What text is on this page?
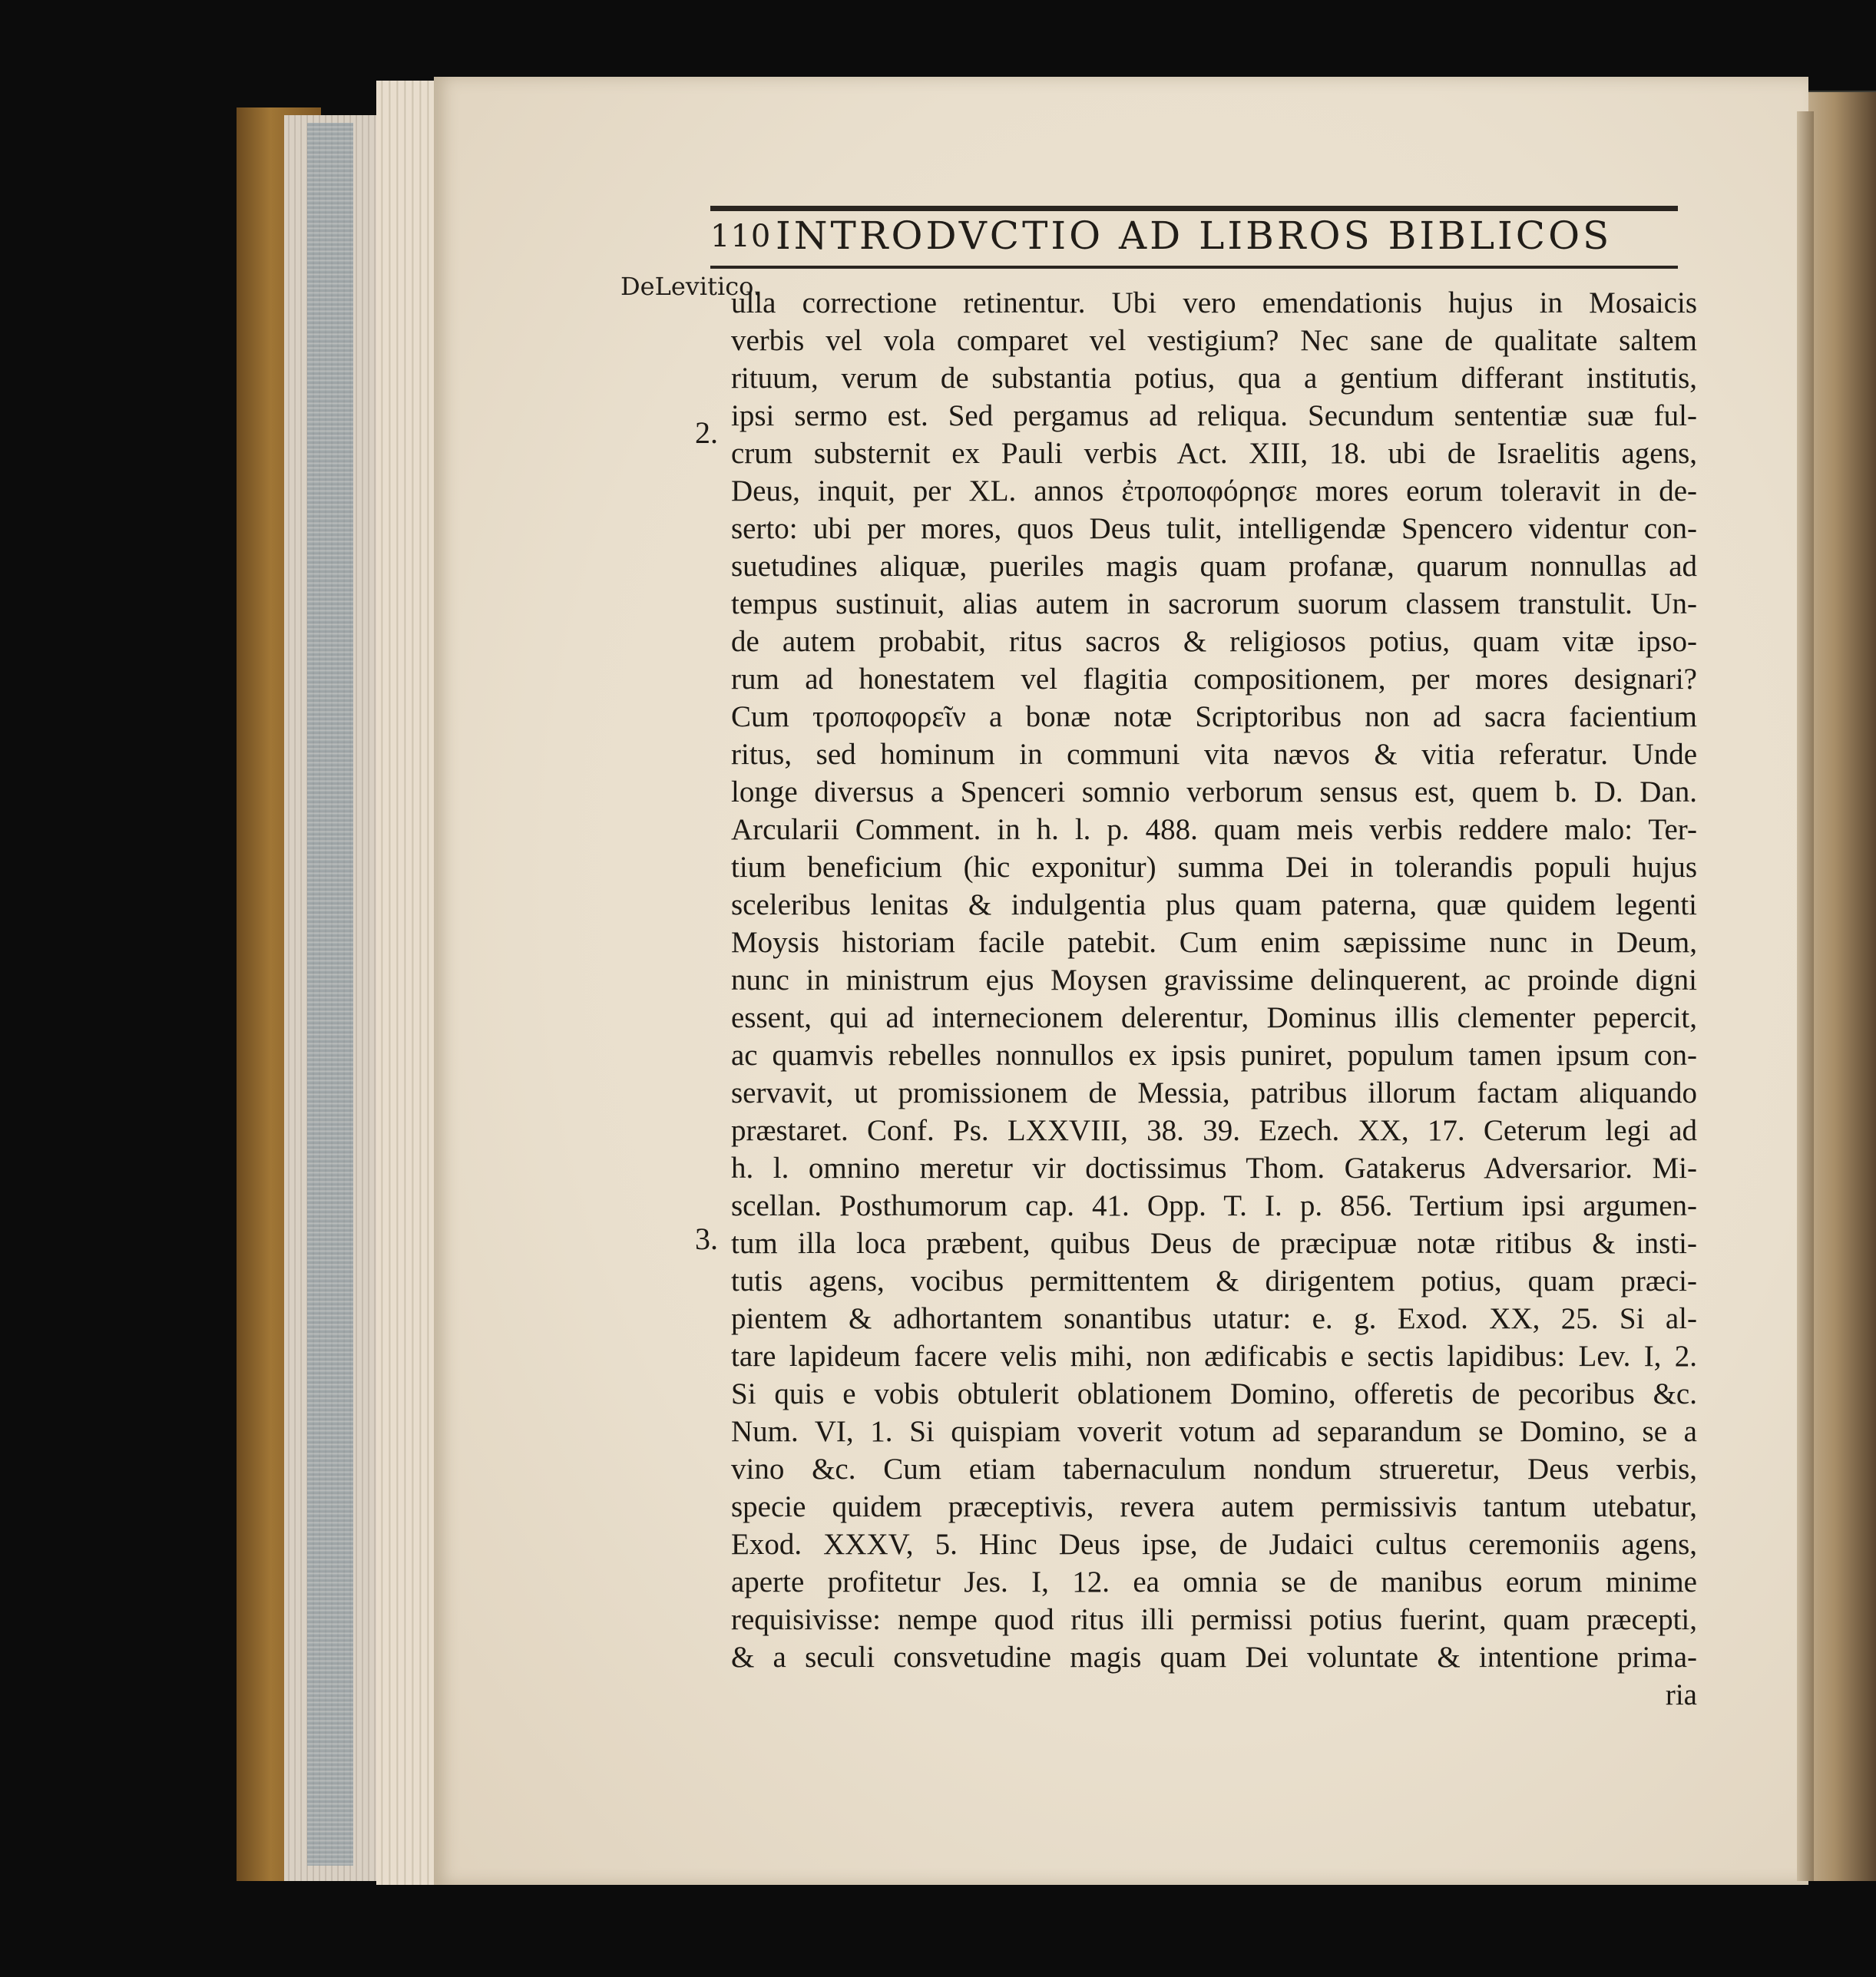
110 INTRODVCTIO AD LIBROS BIBLICOS
DeLevitico.
2.
3.
ulla correctione retinentur. Ubi vero emendationis hujus in Mosaicis
verbis vel vola comparet vel vestigium? Nec sane de qualitate saltem
rituum, verum de substantia potius, qua a gentium differant institutis,
ipsi sermo est. Sed pergamus ad reliqua. Secundum sententiæ suæ ful-
crum substernit ex Pauli verbis Act. XIII, 18. ubi de Israelitis agens,
Deus, inquit, per XL. annos ἐτροποφόρησε mores eorum toleravit in de-
serto: ubi per mores, quos Deus tulit, intelligendæ Spencero videntur con-
suetudines aliquæ, pueriles magis quam profanæ, quarum nonnullas ad
tempus sustinuit, alias autem in sacrorum suorum classem transtulit. Un-
de autem probabit, ritus sacros & religiosos potius, quam vitæ ipso-
rum ad honestatem vel flagitia compositionem, per mores designari?
Cum τροποφορεῖν a bonæ notæ Scriptoribus non ad sacra facientium
ritus, sed hominum in communi vita nævos & vitia referatur. Unde
longe diversus a Spenceri somnio verborum sensus est, quem b. D. Dan.
Arcularii Comment. in h. l. p. 488. quam meis verbis reddere malo: Ter-
tium beneficium (hic exponitur) summa Dei in tolerandis populi hujus
sceleribus lenitas & indulgentia plus quam paterna, quæ quidem legenti
Moysis historiam facile patebit. Cum enim sæpissime nunc in Deum,
nunc in ministrum ejus Moysen gravissime delinquerent, ac proinde digni
essent, qui ad internecionem delerentur, Dominus illis clementer pepercit,
ac quamvis rebelles nonnullos ex ipsis puniret, populum tamen ipsum con-
servavit, ut promissionem de Messia, patribus illorum factam aliquando
præstaret. Conf. Ps. LXXVIII, 38. 39. Ezech. XX, 17. Ceterum legi ad
h. l. omnino meretur vir doctissimus Thom. Gatakerus Adversarior. Mi-
scellan. Posthumorum cap. 41. Opp. T. I. p. 856. Tertium ipsi argumen-
tum illa loca præbent, quibus Deus de præcipuæ notæ ritibus & insti-
tutis agens, vocibus permittentem & dirigentem potius, quam præci-
pientem & adhortantem sonantibus utatur: e. g. Exod. XX, 25. Si al-
tare lapideum facere velis mihi, non ædificabis e sectis lapidibus: Lev. I, 2.
Si quis e vobis obtulerit oblationem Domino, offeretis de pecoribus &c.
Num. VI, 1. Si quispiam voverit votum ad separandum se Domino, se a
vino &c. Cum etiam tabernaculum nondum strueretur, Deus verbis,
specie quidem præceptivis, revera autem permissivis tantum utebatur,
Exod. XXXV, 5. Hinc Deus ipse, de Judaici cultus ceremoniis agens,
aperte profitetur Jes. I, 12. ea omnia se de manibus eorum minime
requisivisse: nempe quod ritus illi permissi potius fuerint, quam præcepti,
& a seculi consvetudine magis quam Dei voluntate & intentione prima-
ria
